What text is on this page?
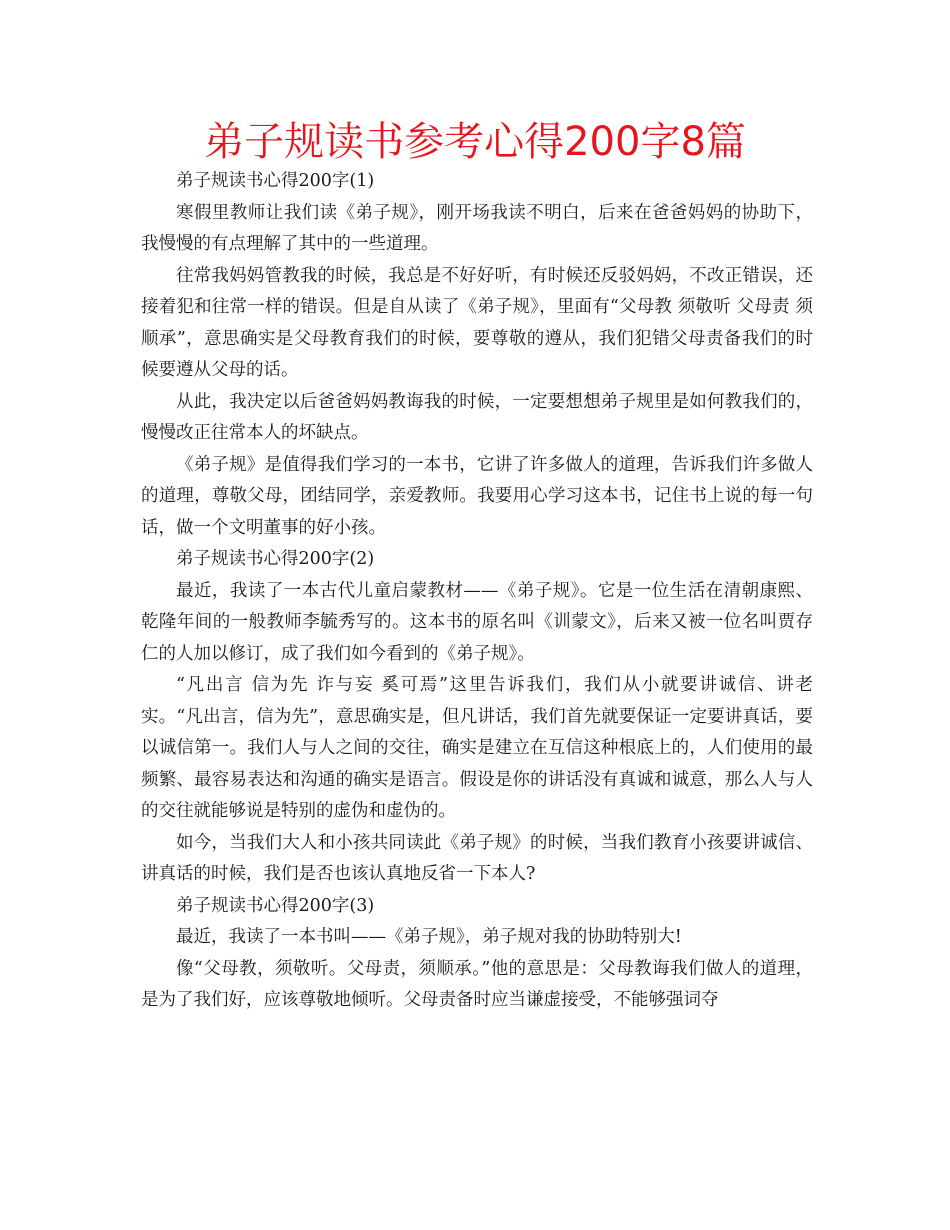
弟子规读书参考心得200字8篇

弟子规读书心得200字(1)

寒假里教师让我们读《弟子规》，刚开场我读不明白，后来在爸爸妈妈的协助下，我慢慢的有点理解了其中的一些道理。

往常我妈妈管教我的时候，我总是不好好听，有时候还反驳妈妈，不改正错误，还接着犯和往常一样的错误。但是自从读了《弟子规》，里面有“父母教 须敬听 父母责 须顺承”，意思确实是父母教育我们的时候，要尊敬的遵从，我们犯错父母责备我们的时候要遵从父母的话。

从此，我决定以后爸爸妈妈教诲我的时候，一定要想想弟子规里是如何教我们的，慢慢改正往常本人的坏缺点。

《弟子规》是值得我们学习的一本书，它讲了许多做人的道理，告诉我们许多做人的道理，尊敬父母，团结同学，亲爱教师。我要用心学习这本书，记住书上说的每一句话，做一个文明董事的好小孩。

弟子规读书心得200字(2)

最近，我读了一本古代儿童启蒙教材——《弟子规》。它是一位生活在清朝康熙、乾隆年间的一般教师李毓秀写的。这本书的原名叫《训蒙文》，后来又被一位名叫贾存仁的人加以修订，成了我们如今看到的《弟子规》。

“凡出言 信为先 诈与妄 奚可焉”这里告诉我们，我们从小就要讲诚信、讲老实。“凡出言，信为先”，意思确实是，但凡讲话，我们首先就要保证一定要讲真话，要以诚信第一。我们人与人之间的交往，确实是建立在互信这种根底上的，人们使用的最频繁、最容易表达和沟通的确实是语言。假设是你的讲话没有真诚和诚意，那么人与人的交往就能够说是特别的虚伪和虚伪的。

如今，当我们大人和小孩共同读此《弟子规》的时候，当我们教育小孩要讲诚信、讲真话的时候，我们是否也该认真地反省一下本人?

弟子规读书心得200字(3)

最近，我读了一本书叫——《弟子规》，弟子规对我的协助特别大!

像“父母教，须敬听。父母责，须顺承。”他的意思是：父母教诲我们做人的道理，是为了我们好，应该尊敬地倾听。父母责备时应当谦虚接受，不能够强词夺
